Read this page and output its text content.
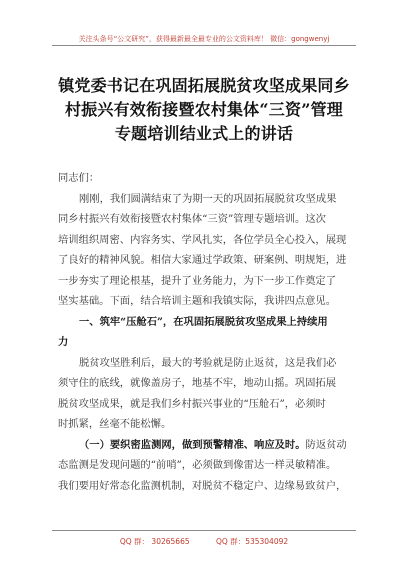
关注头条号“公文研究”，获得最新最全最专业的公文资料库！ 微信：gongwenyj
镇党委书记在巩固拓展脱贫攻坚成果同乡
村振兴有效衔接暨农村集体“三资”管理
专题培训结业式上的讲话
同志们：
刚刚，我们圆满结束了为期一天的巩固拓展脱贫攻坚成果
同乡村振兴有效衔接暨农村集体“三资”管理专题培训。这次
培训组织周密、内容务实、学风扎实，各位学员全心投入，展现
了良好的精神风貌。相信大家通过学政策、研案例、明规矩，进
一步夯实了理论根基，提升了业务能力，为下一步工作奠定了
坚实基础。下面，结合培训主题和我镇实际，我讲四点意见。
一、筑牢“压舱石”，在巩固拓展脱贫攻坚成果上持续用
力
脱贫攻坚胜利后，最大的考验就是防止返贫，这是我们必
须守住的底线，就像盖房子，地基不牢，地动山摇。巩固拓展
脱贫攻坚成果，就是我们乡村振兴事业的“压舱石”，必须时
时抓紧，丝毫不能松懈。
（一）要织密监测网，做到预警精准、响应及时。防返贫动
态监测是发现问题的“前哨”，必须做到像雷达一样灵敏精准。
我们要用好常态化监测机制，对脱贫不稳定户、边缘易致贫户，
QQ 群： 30265665	QQ 群：535304092
